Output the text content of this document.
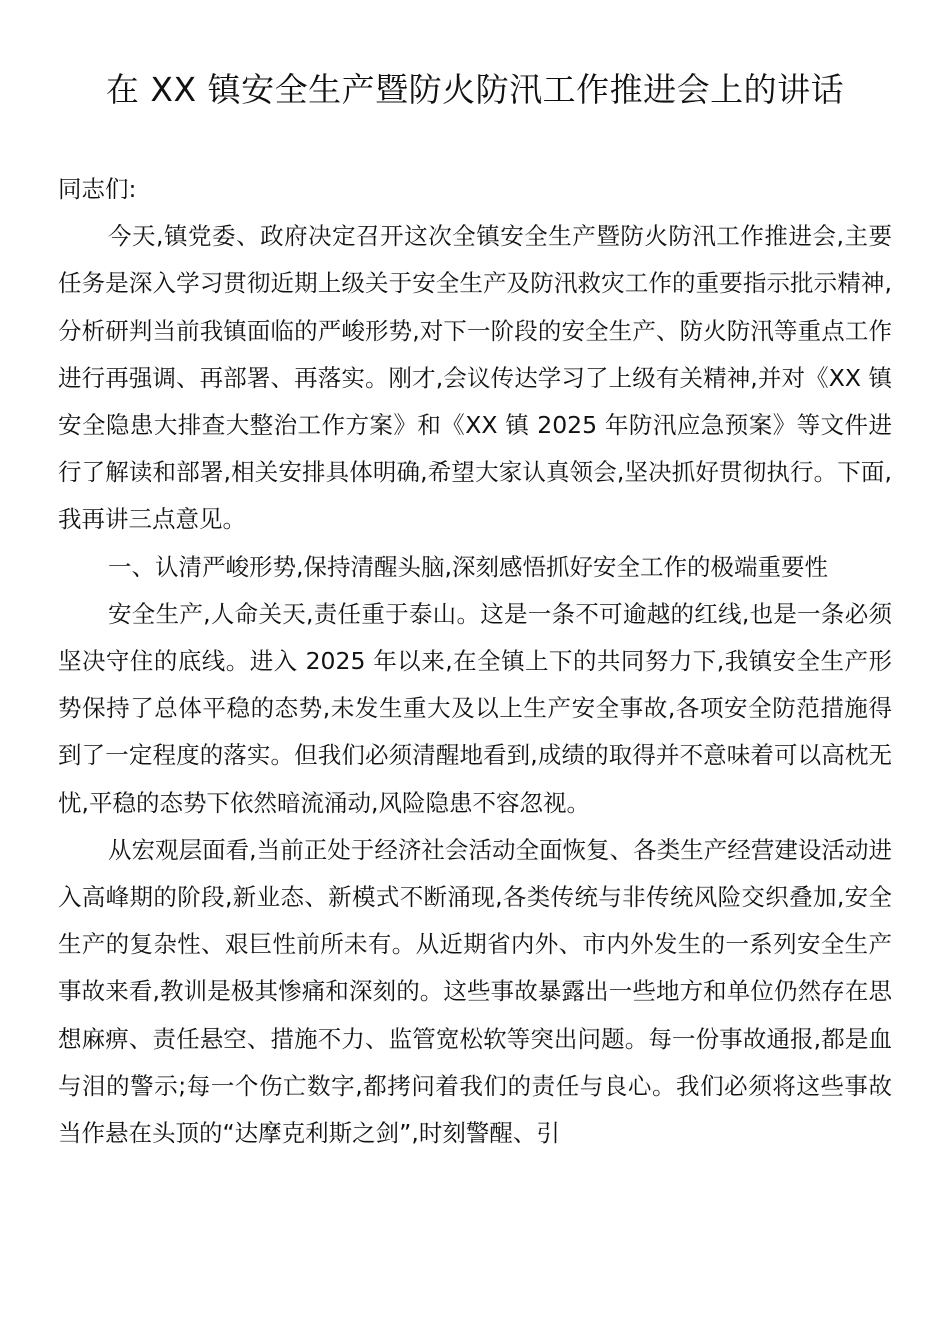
在 XX 镇安全生产暨防火防汛工作推进会上的讲话

同志们:

今天,镇党委、政府决定召开这次全镇安全生产暨防火防汛工作推进会,主要任务是深入学习贯彻近期上级关于安全生产及防汛救灾工作的重要指示批示精神,分析研判当前我镇面临的严峻形势,对下一阶段的安全生产、防火防汛等重点工作进行再强调、再部署、再落实。刚才,会议传达学习了上级有关精神,并对《XX 镇安全隐患大排查大整治工作方案》和《XX 镇 2025 年防汛应急预案》等文件进行了解读和部署,相关安排具体明确,希望大家认真领会,坚决抓好贯彻执行。下面,我再讲三点意见。

一、认清严峻形势,保持清醒头脑,深刻感悟抓好安全工作的极端重要性

安全生产,人命关天,责任重于泰山。这是一条不可逾越的红线,也是一条必须坚决守住的底线。进入 2025 年以来,在全镇上下的共同努力下,我镇安全生产形势保持了总体平稳的态势,未发生重大及以上生产安全事故,各项安全防范措施得到了一定程度的落实。但我们必须清醒地看到,成绩的取得并不意味着可以高枕无忧,平稳的态势下依然暗流涌动,风险隐患不容忽视。

从宏观层面看,当前正处于经济社会活动全面恢复、各类生产经营建设活动进入高峰期的阶段,新业态、新模式不断涌现,各类传统与非传统风险交织叠加,安全生产的复杂性、艰巨性前所未有。从近期省内外、市内外发生的一系列安全生产事故来看,教训是极其惨痛和深刻的。这些事故暴露出一些地方和单位仍然存在思想麻痹、责任悬空、措施不力、监管宽松软等突出问题。每一份事故通报,都是血与泪的警示;每一个伤亡数字,都拷问着我们的责任与良心。我们必须将这些事故当作悬在头顶的“达摩克利斯之剑”,时刻警醒、引
